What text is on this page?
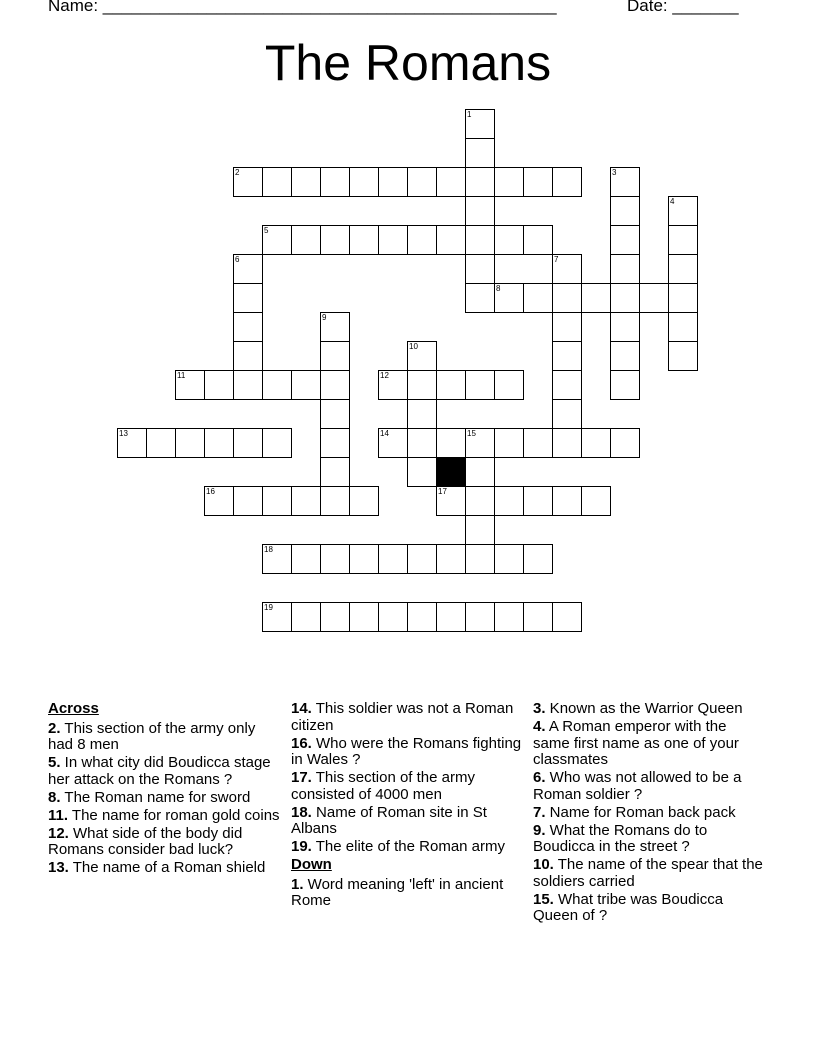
Name: ________________________________________________	Date: _______
The Romans
1
2	3
4
5
6	7
8
9
10
11	12
13	14	15
16	17
18
19
Across
2. This section of the army only had 8 men
5. In what city did Boudicca stage her attack on the Romans ?
8. The Roman name for sword
11. The name for roman gold coins
12. What side of the body did Romans consider bad luck?
13. The name of a Roman shield
14. This soldier was not a Roman citizen
16. Who were the Romans fighting in Wales ?
17. This section of the army consisted of 4000 men
18. Name of Roman site in St Albans
19. The elite of the Roman army
Down
1. Word meaning 'left' in ancient Rome
3. Known as the Warrior Queen
4. A Roman emperor with the same first name as one of your classmates
6. Who was not allowed to be a Roman soldier ?
7. Name for Roman back pack
9. What the Romans do to Boudicca in the street ?
10. The name of the spear that the soldiers carried
15. What tribe was Boudicca Queen of ?
